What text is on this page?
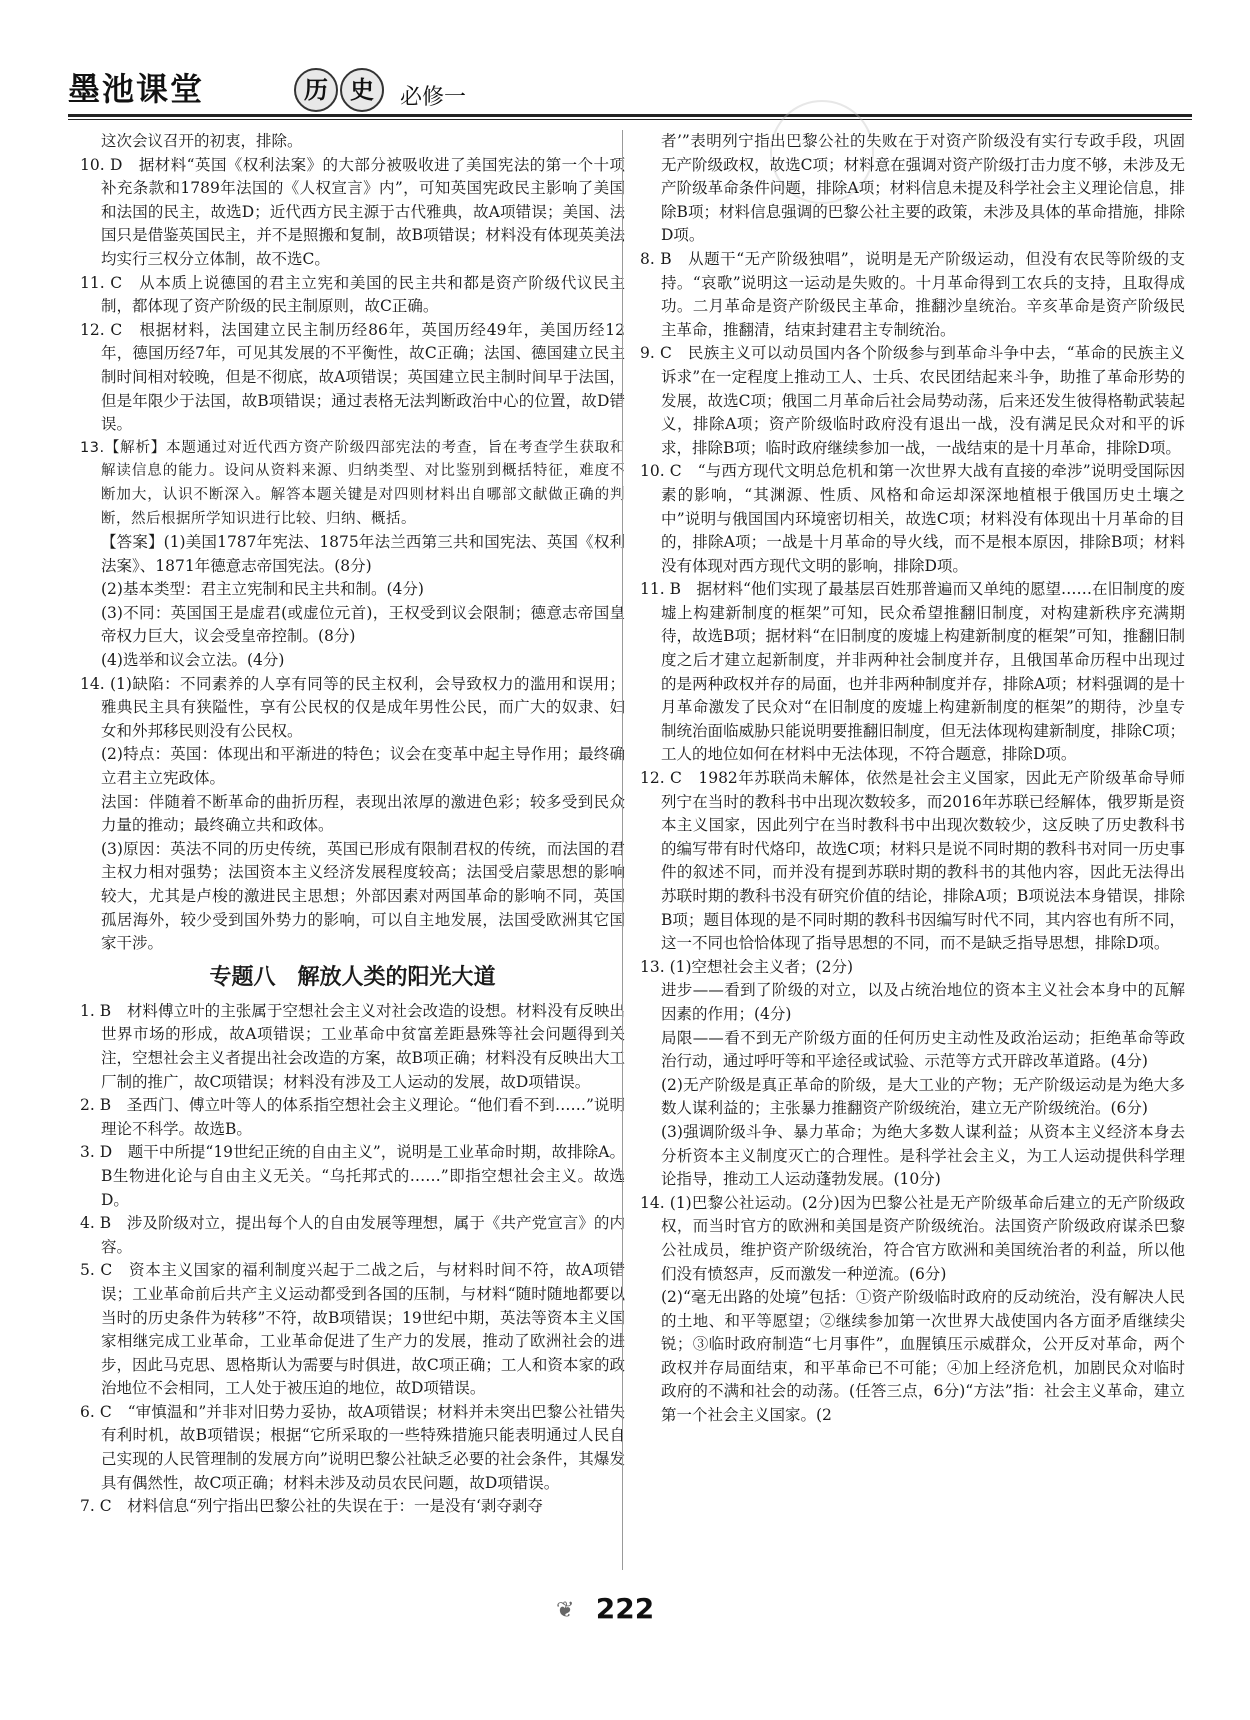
墨池课堂	历 史	必修一

这次会议召开的初衷，排除。

10. D　据材料“英国《权利法案》的大部分被吸收进了美国宪法的第一个十项补充条款和1789年法国的《人权宣言》内”，可知英国宪政民主影响了美国和法国的民主，故选D；近代西方民主源于古代雅典，故A项错误；美国、法国只是借鉴英国民主，并不是照搬和复制，故B项错误；材料没有体现英美法均实行三权分立体制，故不选C。

11. C　从本质上说德国的君主立宪和美国的民主共和都是资产阶级代议民主制，都体现了资产阶级的民主制原则，故C正确。

12. C　根据材料，法国建立民主制历经86年，英国历经49年，美国历经12年，德国历经7年，可见其发展的不平衡性，故C正确；法国、德国建立民主制时间相对较晚，但是不彻底，故A项错误；英国建立民主制时间早于法国，但是年限少于法国，故B项错误；通过表格无法判断政治中心的位置，故D错误。

13.【解析】本题通过对近代西方资产阶级四部宪法的考查，旨在考查学生获取和解读信息的能力。设问从资料来源、归纳类型、对比鉴别到概括特征，难度不断加大，认识不断深入。解答本题关键是对四则材料出自哪部文献做正确的判断，然后根据所学知识进行比较、归纳、概括。

【答案】(1)美国1787年宪法、1875年法兰西第三共和国宪法、英国《权利法案》、1871年德意志帝国宪法。(8分)

(2)基本类型：君主立宪制和民主共和制。(4分)

(3)不同：英国国王是虚君(或虚位元首)，王权受到议会限制；德意志帝国皇帝权力巨大，议会受皇帝控制。(8分)

(4)选举和议会立法。(4分)

14. (1)缺陷：不同素养的人享有同等的民主权利，会导致权力的滥用和误用；雅典民主具有狭隘性，享有公民权的仅是成年男性公民，而广大的奴隶、妇女和外邦移民则没有公民权。

(2)特点：英国：体现出和平渐进的特色；议会在变革中起主导作用；最终确立君主立宪政体。

法国：伴随着不断革命的曲折历程，表现出浓厚的激进色彩；较多受到民众力量的推动；最终确立共和政体。

(3)原因：英法不同的历史传统，英国已形成有限制君权的传统，而法国的君主权力相对强势；法国资本主义经济发展程度较高；法国受启蒙思想的影响较大，尤其是卢梭的激进民主思想；外部因素对两国革命的影响不同，英国孤居海外，较少受到国外势力的影响，可以自主地发展，法国受欧洲其它国家干涉。

专题八　解放人类的阳光大道

1. B　材料傅立叶的主张属于空想社会主义对社会改造的设想。材料没有反映出世界市场的形成，故A项错误；工业革命中贫富差距悬殊等社会问题得到关注，空想社会主义者提出社会改造的方案，故B项正确；材料没有反映出大工厂制的推广，故C项错误；材料没有涉及工人运动的发展，故D项错误。

2. B　圣西门、傅立叶等人的体系指空想社会主义理论。“他们看不到……”说明理论不科学。故选B。

3. D　题干中所提“19世纪正统的自由主义”，说明是工业革命时期，故排除A。B生物进化论与自由主义无关。“乌托邦式的……”即指空想社会主义。故选D。

4. B　涉及阶级对立，提出每个人的自由发展等理想，属于《共产党宣言》的内容。

5. C　资本主义国家的福利制度兴起于二战之后，与材料时间不符，故A项错误；工业革命前后共产主义运动都受到各国的压制，与材料“随时随地都要以当时的历史条件为转移”不符，故B项错误；19世纪中期，英法等资本主义国家相继完成工业革命，工业革命促进了生产力的发展，推动了欧洲社会的进步，因此马克思、恩格斯认为需要与时俱进，故C项正确；工人和资本家的政治地位不会相同，工人处于被压迫的地位，故D项错误。

6. C　“审慎温和”并非对旧势力妥协，故A项错误；材料并未突出巴黎公社错失有利时机，故B项错误；根据“它所采取的一些特殊措施只能表明通过人民自己实现的人民管理制的发展方向”说明巴黎公社缺乏必要的社会条件，其爆发具有偶然性，故C项正确；材料未涉及动员农民问题，故D项错误。

7. C　材料信息“列宁指出巴黎公社的失误在于：一是没有‘剥夺剥夺

者’”表明列宁指出巴黎公社的失败在于对资产阶级没有实行专政手段，巩固无产阶级政权，故选C项；材料意在强调对资产阶级打击力度不够，未涉及无产阶级革命条件问题，排除A项；材料信息未提及科学社会主义理论信息，排除B项；材料信息强调的巴黎公社主要的政策，未涉及具体的革命措施，排除D项。

8. B　从题干“无产阶级独唱”，说明是无产阶级运动，但没有农民等阶级的支持。“哀歌”说明这一运动是失败的。十月革命得到工农兵的支持，且取得成功。二月革命是资产阶级民主革命，推翻沙皇统治。辛亥革命是资产阶级民主革命，推翻清，结束封建君主专制统治。

9. C　民族主义可以动员国内各个阶级参与到革命斗争中去，“革命的民族主义诉求”在一定程度上推动工人、士兵、农民团结起来斗争，助推了革命形势的发展，故选C项；俄国二月革命后社会局势动荡，后来还发生彼得格勒武装起义，排除A项；资产阶级临时政府没有退出一战，没有满足民众对和平的诉求，排除B项；临时政府继续参加一战，一战结束的是十月革命，排除D项。

10. C　“与西方现代文明总危机和第一次世界大战有直接的牵涉”说明受国际因素的影响，“其渊源、性质、风格和命运却深深地植根于俄国历史土壤之中”说明与俄国国内环境密切相关，故选C项；材料没有体现出十月革命的目的，排除A项；一战是十月革命的导火线，而不是根本原因，排除B项；材料没有体现对西方现代文明的影响，排除D项。

11. B　据材料“他们实现了最基层百姓那普遍而又单纯的愿望……在旧制度的废墟上构建新制度的框架”可知，民众希望推翻旧制度，对构建新秩序充满期待，故选B项；据材料“在旧制度的废墟上构建新制度的框架”可知，推翻旧制度之后才建立起新制度，并非两种社会制度并存，且俄国革命历程中出现过的是两种政权并存的局面，也并非两种制度并存，排除A项；材料强调的是十月革命激发了民众对“在旧制度的废墟上构建新制度的框架”的期待，沙皇专制统治面临威胁只能说明要推翻旧制度，但无法体现构建新制度，排除C项；工人的地位如何在材料中无法体现，不符合题意，排除D项。

12. C　1982年苏联尚未解体，依然是社会主义国家，因此无产阶级革命导师列宁在当时的教科书中出现次数较多，而2016年苏联已经解体，俄罗斯是资本主义国家，因此列宁在当时教科书中出现次数较少，这反映了历史教科书的编写带有时代烙印，故选C项；材料只是说不同时期的教科书对同一历史事件的叙述不同，而并没有提到苏联时期的教科书的其他内容，因此无法得出苏联时期的教科书没有研究价值的结论，排除A项；B项说法本身错误，排除B项；题目体现的是不同时期的教科书因编写时代不同，其内容也有所不同，这一不同也恰恰体现了指导思想的不同，而不是缺乏指导思想，排除D项。

13. (1)空想社会主义者；(2分)

进步——看到了阶级的对立，以及占统治地位的资本主义社会本身中的瓦解因素的作用；(4分)

局限——看不到无产阶级方面的任何历史主动性及政治运动；拒绝革命等政治行动，通过呼吁等和平途径或试验、示范等方式开辟改革道路。(4分)

(2)无产阶级是真正革命的阶级，是大工业的产物；无产阶级运动是为绝大多数人谋利益的；主张暴力推翻资产阶级统治，建立无产阶级统治。(6分)

(3)强调阶级斗争、暴力革命；为绝大多数人谋利益；从资本主义经济本身去分析资本主义制度灭亡的合理性。是科学社会主义，为工人运动提供科学理论指导，推动工人运动蓬勃发展。(10分)

14. (1)巴黎公社运动。(2分)因为巴黎公社是无产阶级革命后建立的无产阶级政权，而当时官方的欧洲和美国是资产阶级统治。法国资产阶级政府谋杀巴黎公社成员，维护资产阶级统治，符合官方欧洲和美国统治者的利益，所以他们没有愤怒声，反而激发一种逆流。(6分)

(2)“毫无出路的处境”包括：①资产阶级临时政府的反动统治，没有解决人民的土地、和平等愿望；②继续参加第一次世界大战使国内各方面矛盾继续尖锐；③临时政府制造“七月事件”，血腥镇压示威群众，公开反对革命，两个政权并存局面结束，和平革命已不可能；④加上经济危机，加剧民众对临时政府的不满和社会的动荡。(任答三点，6分)“方法”指：社会主义革命，建立第一个社会主义国家。(2

❦ 222
